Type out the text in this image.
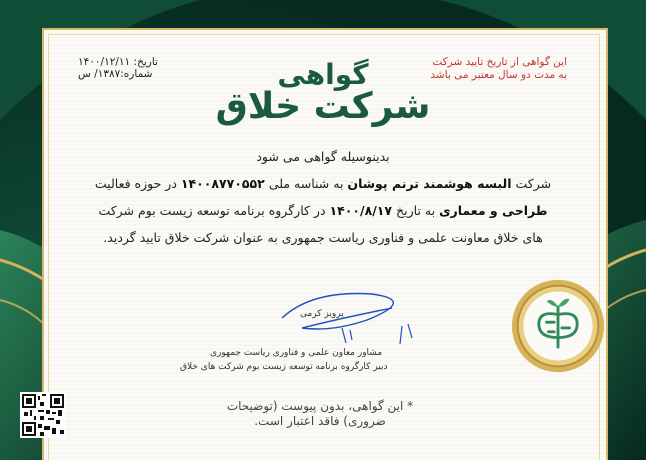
تاریخ: ۱۴۰۰/۱۲/۱۱
شماره:۱۳۸۷/ س
این گواهی از تاریخ تایید شرکت
به مدت دو سال معتبر می باشد
گواهی
شرکت خلاق
بدینوسیله گواهی می شود
شرکت البسه هوشمند ترنم پوشان به شناسه ملی ۱۴۰۰۸۷۷۰۵۵۲ در حوزه فعالیت طراحی و معماری به تاریخ ۱۴۰۰/۸/۱۷ در کارگروه برنامه توسعه زیست بوم شرکت های خلاق معاونت علمی و فناوری ریاست جمهوری به عنوان شرکت خلاق تایید گردید.
پرویز کرمی
مشاور معاون علمی و فناوری ریاست جمهوری
دبیر کارگروه برنامه توسعه زیست بوم شرکت های خلاق
* این گواهی، بدون پیوست (توضیحات ضروری) فاقد اعتبار است.
